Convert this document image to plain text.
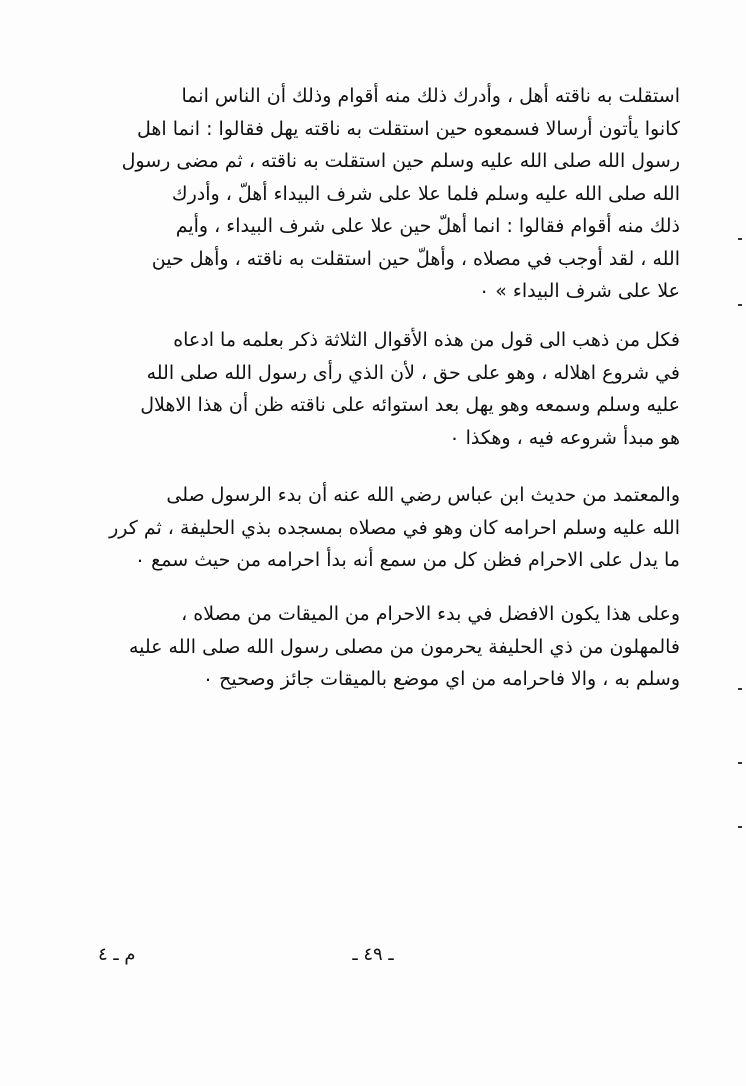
استقلت به ناقته أهل ، وأدرك ذلك منه أقوام وذلك أن الناس انما
كانوا يأتون أرسالا فسمعوه حين استقلت به ناقته يهل فقالوا : انما اهل
رسول الله صلى الله عليه وسلم حين استقلت به ناقته ، ثم مضى رسول
الله صلى الله عليه وسلم فلما علا على شرف البيداء أهلّ ، وأدرك
ذلك منه أقوام فقالوا : انما أهلّ حين علا على شرف البيداء ، وأيم
الله ، لقد أوجب في مصلاه ، وأهلّ حين استقلت به ناقته ، وأهل حين
علا على شرف البيداء » ٠
فكل من ذهب الى قول من هذه الأقوال الثلاثة ذكر بعلمه ما ادعاه
في شروع اهلاله ، وهو على حق ، لأن الذي رأى رسول الله صلى الله
عليه وسلم وسمعه وهو يهل بعد استوائه على ناقته ظن أن هذا الاهلال
هو مبدأ شروعه فيه ، وهكذا ٠
والمعتمد من حديث ابن عباس رضي الله عنه أن بدء الرسول صلى
الله عليه وسلم احرامه كان وهو في مصلاه بمسجده بذي الحليفة ، ثم كرر
ما يدل على الاحرام فظن كل من سمع أنه بدأ احرامه من حيث سمع ٠
وعلى هذا يكون الافضل في بدء الاحرام من الميقات من مصلاه ،
فالمهلون من ذي الحليفة يحرمون من مصلى رسول الله صلى الله عليه
وسلم به ، والا فاحرامه من اي موضع بالميقات جائز وصحيح ٠
ـ ٤٩ ـ
م ـ ٤
